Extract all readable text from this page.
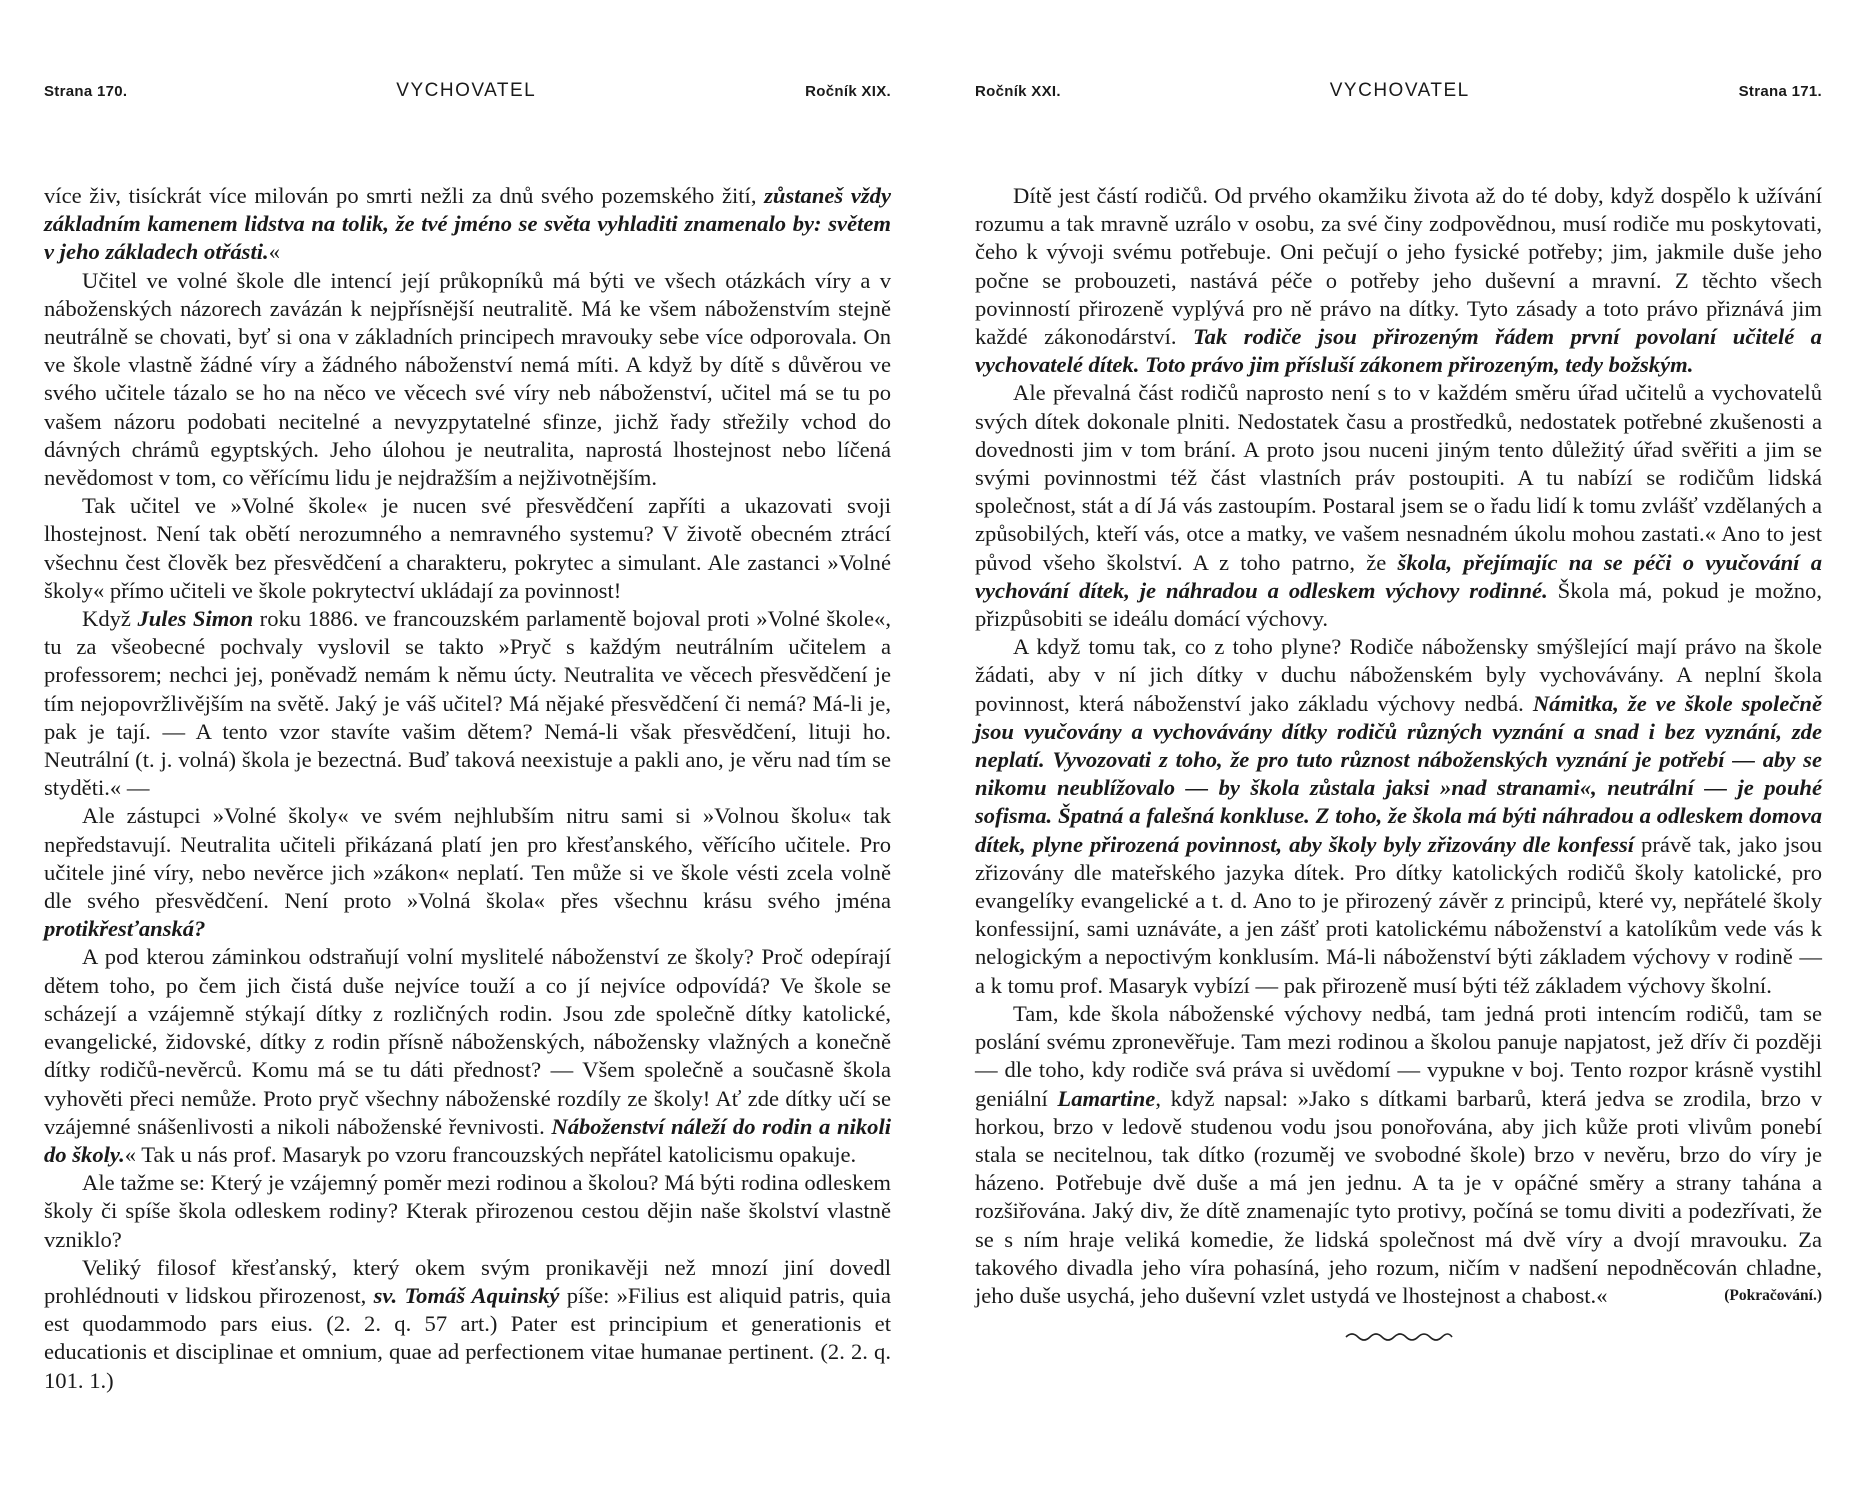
Strana 170.	VYCHOVATEL	Ročník XIX.

více živ, tisíckrát více milován po smrti nežli za dnů svého pozemského žití, zůstaneš vždy základním kamenem lidstva na tolik, že tvé jméno se světa vyhladiti znamenalo by: světem v jeho základech otřásti.«

Učitel ve volné škole dle intencí její průkopníků má býti ve všech otázkách víry a v náboženských názorech zavázán k nejpřísnější neutralitě. Má ke všem náboženstvím stejně neutrálně se chovati, byť si ona v základních principech mravouky sebe více odporovala. On ve škole vlastně žádné víry a žádného náboženství nemá míti. A když by dítě s důvěrou ve svého učitele tázalo se ho na něco ve věcech své víry neb náboženství, učitel má se tu po vašem názoru podobati necitelné a nevyzpytatelné sfinze, jichž řady střežily vchod do dávných chrámů egyptských. Jeho úlohou je neutralita, naprostá lhostejnost nebo líčená nevědomost v tom, co věřícímu lidu je nejdražším a nejživotnějším.

Tak učitel ve »Volné škole« je nucen své přesvědčení zapříti a ukazovati svoji lhostejnost. Není tak obětí nerozumného a nemravného systemu? V životě obecném ztrácí všechnu čest člověk bez přesvědčení a charakteru, pokrytec a simulant. Ale zastanci »Volné školy« přímo učiteli ve škole pokrytectví ukládají za povinnost!

Když Jules Simon roku 1886. ve francouzském parlamentě bojoval proti »Volné škole«, tu za všeobecné pochvaly vyslovil se takto »Pryč s každým neutrálním učitelem a professorem; nechci jej, poněvadž nemám k němu úcty. Neutralita ve věcech přesvědčení je tím nejopovržlivějším na světě. Jaký je váš učitel? Má nějaké přesvědčení či nemá? Má-li je, pak je tají. — A tento vzor stavíte vašim dětem? Nemá-li však přesvědčení, lituji ho. Neutrální (t. j. volná) škola je bezectná. Buď taková neexistuje a pakli ano, je věru nad tím se styděti.« —

Ale zástupci »Volné školy« ve svém nejhlubším nitru sami si »Volnou školu« tak nepředstavují. Neutralita učiteli přikázaná platí jen pro křesťanského, věřícího učitele. Pro učitele jiné víry, nebo nevěrce jich »zákon« neplatí. Ten může si ve škole vésti zcela volně dle svého přesvědčení. Není proto »Volná škola« přes všechnu krásu svého jména protikřesťanská?

A pod kterou záminkou odstraňují volní myslitelé náboženství ze školy? Proč odepírají dětem toho, po čem jich čistá duše nejvíce touží a co jí nejvíce odpovídá? Ve škole se scházejí a vzájemně stýkají dítky z rozličných rodin. Jsou zde společně dítky katolické, evangelické, židovské, dítky z rodin přísně náboženských, nábožensky vlažných a konečně dítky rodičů-nevěrců. Komu má se tu dáti přednost? — Všem společně a současně škola vyhověti přeci nemůže. Proto pryč všechny náboženské rozdíly ze školy! Ať zde dítky učí se vzájemné snášenlivosti a nikoli náboženské řevnivosti. Náboženství náleží do rodin a nikoli do školy.« Tak u nás prof. Masaryk po vzoru francouzských nepřátel katolicismu opakuje.

Ale tažme se: Který je vzájemný poměr mezi rodinou a školou? Má býti rodina odleskem školy či spíše škola odleskem rodiny? Kterak přirozenou cestou dějin naše školství vlastně vzniklo?

Veliký filosof křesťanský, který okem svým pronikavěji než mnozí jiní dovedl prohlédnouti v lidskou přirozenost, sv. Tomáš Aquinský píše: »Filius est aliquid patris, quia est quodammodo pars eius. (2. 2. q. 57 art.) Pater est principium et generationis et educationis et disciplinae et omnium, quae ad perfectionem vitae humanae pertinent. (2. 2. q. 101. 1.)

Ročník XXI.	VYCHOVATEL	Strana 171.

Dítě jest částí rodičů. Od prvého okamžiku života až do té doby, když dospělo k užívání rozumu a tak mravně uzrálo v osobu, za své činy zodpovědnou, musí rodiče mu poskytovati, čeho k vývoji svému potřebuje. Oni pečují o jeho fysické potřeby; jim, jakmile duše jeho počne se probouzeti, nastává péče o potřeby jeho duševní a mravní. Z těchto všech povinností přirozeně vyplývá pro ně právo na dítky. Tyto zásady a toto právo přiznává jim každé zákonodárství. Tak rodiče jsou přirozeným řádem první povolaní učitelé a vychovatelé dítek. Toto právo jim přísluší zákonem přirozeným, tedy božským.

Ale převalná část rodičů naprosto není s to v každém směru úřad učitelů a vychovatelů svých dítek dokonale plniti. Nedostatek času a prostředků, nedostatek potřebné zkušenosti a dovednosti jim v tom brání. A proto jsou nuceni jiným tento důležitý úřad svěřiti a jim se svými povinnostmi též část vlastních práv postoupiti. A tu nabízí se rodičům lidská společnost, stát a dí Já vás zastoupím. Postaral jsem se o řadu lidí k tomu zvlášť vzdělaných a způsobilých, kteří vás, otce a matky, ve vašem nesnadném úkolu mohou zastati.« Ano to jest původ všeho školství. A z toho patrno, že škola, přejímajíc na se péči o vyučování a vychování dítek, je náhradou a odleskem výchovy rodinné. Škola má, pokud je možno, přizpůsobiti se ideálu domácí výchovy.

A když tomu tak, co z toho plyne? Rodiče nábožensky smýšlející mají právo na škole žádati, aby v ní jich dítky v duchu náboženském byly vychovávány. A neplní škola povinnost, která náboženství jako základu výchovy nedbá. Námitka, že ve škole společně jsou vyučovány a vychovávány dítky rodičů různých vyznání a snad i bez vyznání, zde neplatí. Vyvozovati z toho, že pro tuto různost náboženských vyznání je potřebí — aby se nikomu neublížovalo — by škola zůstala jaksi »nad stranami«, neutrální — je pouhé sofisma. Špatná a falešná konkluse. Z toho, že škola má býti náhradou a odleskem domova dítek, plyne přirozená povinnost, aby školy byly zřizovány dle konfessí právě tak, jako jsou zřizovány dle mateřského jazyka dítek. Pro dítky katolických rodičů školy katolické, pro evangelíky evangelické a t. d. Ano to je přirozený závěr z principů, které vy, nepřátelé školy konfessijní, sami uznáváte, a jen zášť proti katolickému náboženství a katolíkům vede vás k nelogickým a nepoctivým konklusím. Má-li náboženství býti základem výchovy v rodině — a k tomu prof. Masaryk vybízí — pak přirozeně musí býti též základem výchovy školní.

Tam, kde škola náboženské výchovy nedbá, tam jedná proti intencím rodičů, tam se poslání svému zpronevěřuje. Tam mezi rodinou a školou panuje napjatost, jež dřív či později — dle toho, kdy rodiče svá práva si uvědomí — vypukne v boj. Tento rozpor krásně vystihl geniální Lamartine, když napsal: »Jako s dítkami barbarů, která jedva se zrodila, brzo v horkou, brzo v ledově studenou vodu jsou ponořována, aby jich kůže proti vlivům ponebí stala se necitelnou, tak dítko (rozuměj ve svobodné škole) brzo v nevěru, brzo do víry je házeno. Potřebuje dvě duše a má jen jednu. A ta je v opáčné směry a strany tahána a rozšiřována. Jaký div, že dítě znamenajíc tyto protivy, počíná se tomu diviti a podezřívati, že se s ním hraje veliká komedie, že lidská společnost má dvě víry a dvojí mravouku. Za takového divadla jeho víra pohasíná, jeho rozum, ničím v nadšení nepodněcován chladne, jeho duše usychá, jeho duševní vzlet ustydá ve lhostejnost a chabost.«	(Pokračování.)
